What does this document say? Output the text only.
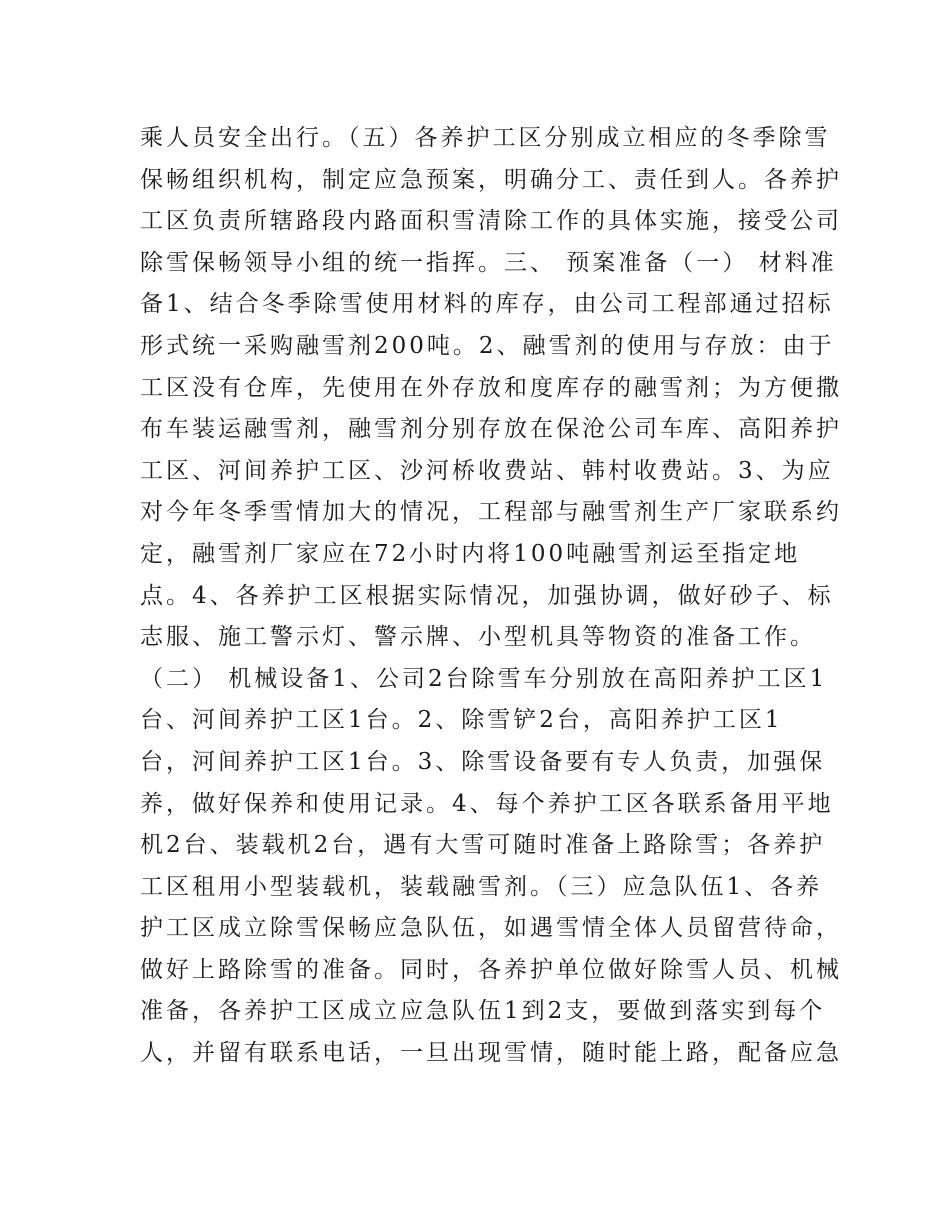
乘人员安全出行。（五）各养护工区分别成立相应的冬季除雪
保畅组织机构，制定应急预案，明确分工、责任到人。各养护
工区负责所辖路段内路面积雪清除工作的具体实施，接受公司
除雪保畅领导小组的统一指挥。三、 预案准备（一） 材料准
备1、结合冬季除雪使用材料的库存，由公司工程部通过招标
形式统一采购融雪剂200吨。2、融雪剂的使用与存放：由于
工区没有仓库，先使用在外存放和度库存的融雪剂；为方便撒
布车装运融雪剂，融雪剂分别存放在保沧公司车库、高阳养护
工区、河间养护工区、沙河桥收费站、韩村收费站。3、为应
对今年冬季雪情加大的情况，工程部与融雪剂生产厂家联系约
定，融雪剂厂家应在72小时内将100吨融雪剂运至指定地
点。4、各养护工区根据实际情况，加强协调，做好砂子、标
志服、施工警示灯、警示牌、小型机具等物资的准备工作。
（二） 机械设备1、公司2台除雪车分别放在高阳养护工区1
台、河间养护工区1台。2、除雪铲2台，高阳养护工区1
台，河间养护工区1台。3、除雪设备要有专人负责，加强保
养，做好保养和使用记录。4、每个养护工区各联系备用平地
机2台、装载机2台，遇有大雪可随时准备上路除雪；各养护
工区租用小型装载机，装载融雪剂。（三）应急队伍1、各养
护工区成立除雪保畅应急队伍，如遇雪情全体人员留营待命，
做好上路除雪的准备。同时，各养护单位做好除雪人员、机械
准备，各养护工区成立应急队伍1到2支，要做到落实到每个
人，并留有联系电话，一旦出现雪情，随时能上路，配备应急
